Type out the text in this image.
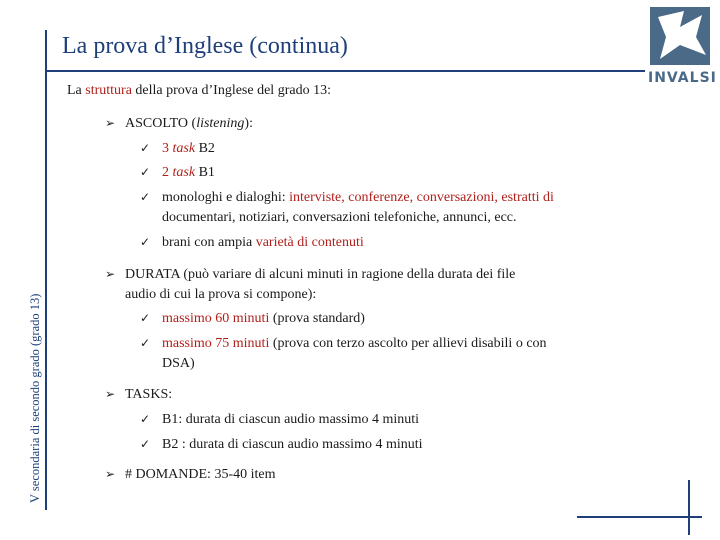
La prova d’Inglese (continua)
V secondaria di secondo grado (grado 13)
INVALSI
La struttura della prova d’Inglese del grado 13:
➢ ASCOLTO (listening):
✓ 3 task B2
✓ 2 task B1
✓ monologhi e dialoghi: interviste, conferenze, conversazioni, estratti di
documentari, notiziari, conversazioni telefoniche, annunci, ecc.
✓ brani con ampia varietà di contenuti
➢ DURATA (può variare di alcuni minuti in ragione della durata dei file
audio di cui la prova si compone):
✓ massimo 60 minuti (prova standard)
✓ massimo 75 minuti (prova con terzo ascolto per allievi disabili o con
DSA)
➢ TASKS:
✓ B1: durata di ciascun audio massimo 4 minuti
✓ B2 : durata di ciascun audio massimo 4 minuti
➢ # DOMANDE: 35-40 item
